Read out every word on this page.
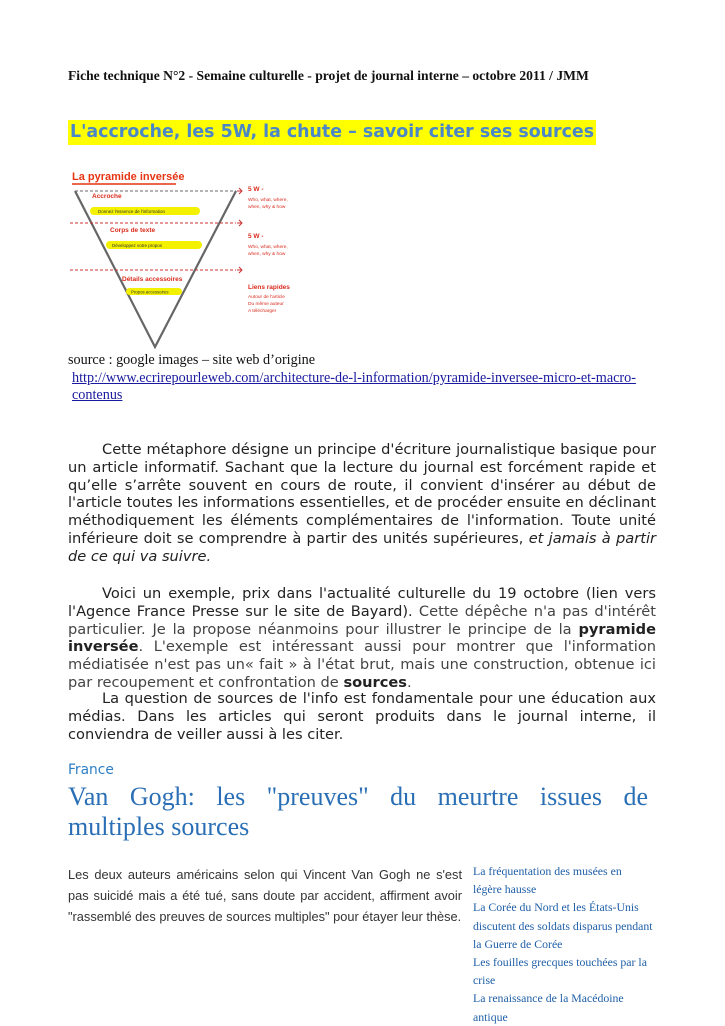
Fiche technique N°2 - Semaine culturelle - projet de journal interne – octobre 2011 / JMM
L'accroche, les 5W, la chute – savoir citer ses sources
La pyramide inversée
Accroche
Donnez l'essence de l'information
Corps de texte
Développez votre propos
Détails accessoires
Propos accessoires
5 W -
Who, what, where,
when, why & how
5 W -
Who, what, where,
when, why & how
Liens rapides
Autour de l'article
Du même auteur
A télécharger
source : google images – site web d’origine
http://www.ecrirepourleweb.com/architecture-de-l-information/pyramide-inversee-micro-et-macro-contenus
Cette métaphore désigne un principe d'écriture journalistique basique pour un article informatif. Sachant que la lecture du journal est forcément rapide et qu’elle s’arrête souvent en cours de route, il convient d'insérer au début de l'article toutes les informations essentielles, et de procéder ensuite en déclinant méthodiquement les éléments complémentaires de l'information. Toute unité inférieure doit se comprendre à partir des unités supérieures, et jamais à partir de ce qui va suivre.
Voici un exemple, prix dans l'actualité culturelle du 19 octobre (lien vers l'Agence France Presse sur le site de Bayard). Cette dépêche n'a pas d'intérêt particulier. Je la propose néanmoins pour illustrer le principe de la pyramide inversée. L'exemple est intéressant aussi pour montrer que l'information médiatisée n'est pas un« fait » à l'état brut, mais une construction, obtenue ici par recoupement et confrontation de sources.
La question de sources de l'info est fondamentale pour une éducation aux médias. Dans les articles qui seront produits dans le journal interne, il conviendra de veiller aussi à les citer.
France
Van Gogh: les "preuves" du meurtre issues de
multiples sources
Les deux auteurs américains selon qui Vincent Van Gogh ne s'est pas suicidé mais a été tué, sans doute par accident, affirment avoir "rassemblé des preuves de sources multiples" pour étayer leur thèse.
La fréquentation des musées en légère hausse
La Corée du Nord et les États-Unis discutent des soldats disparus pendant la Guerre de Corée
Les fouilles grecques touchées par la crise
La renaissance de la Macédoine antique
